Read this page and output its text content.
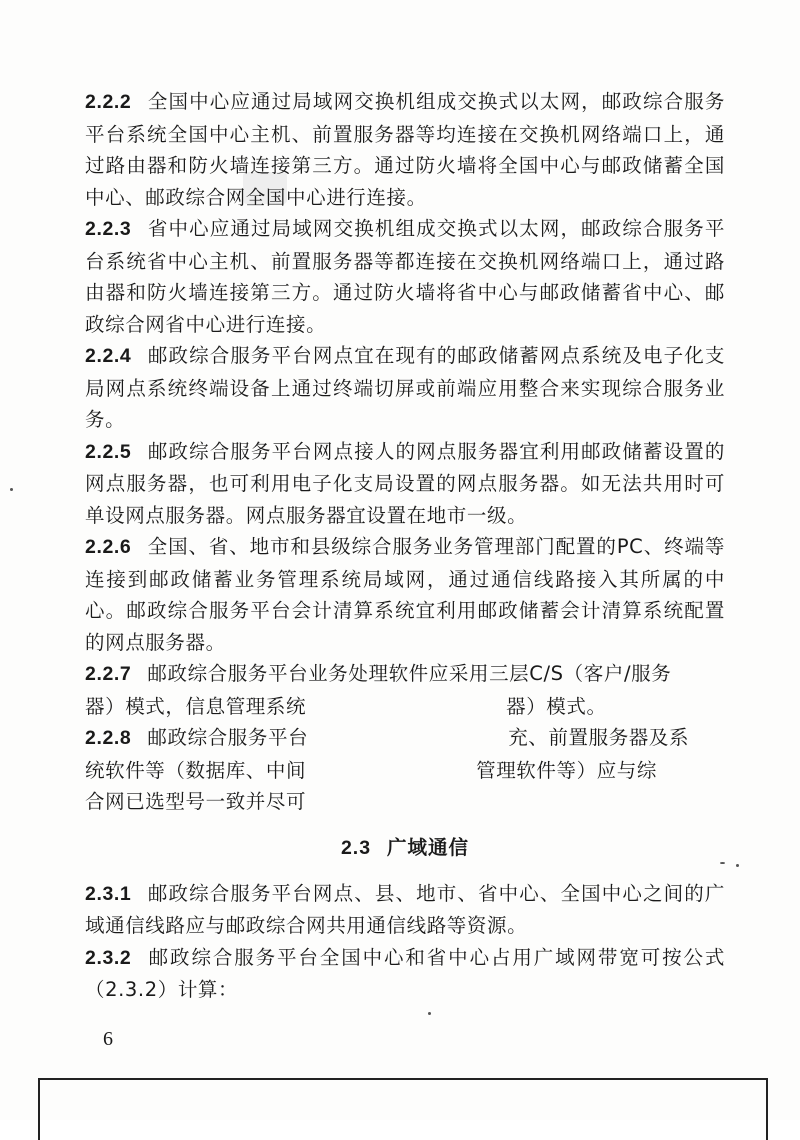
2.2.2 全国中心应通过局域网交换机组成交换式以太网，邮政综合服务平台系统全国中心主机、前置服务器等均连接在交换机网络端口上，通过路由器和防火墙连接第三方。通过防火墙将全国中心与邮政储蓄全国中心、邮政综合网全国中心进行连接。

2.2.3 省中心应通过局域网交换机组成交换式以太网，邮政综合服务平台系统省中心主机、前置服务器等都连接在交换机网络端口上，通过路由器和防火墙连接第三方。通过防火墙将省中心与邮政储蓄省中心、邮政综合网省中心进行连接。

2.2.4 邮政综合服务平台网点宜在现有的邮政储蓄网点系统及电子化支局网点系统终端设备上通过终端切屏或前端应用整合来实现综合服务业务。

2.2.5 邮政综合服务平台网点接人的网点服务器宜利用邮政储蓄设置的网点服务器，也可利用电子化支局设置的网点服务器。如无法共用时可单设网点服务器。网点服务器宜设置在地市一级。

2.2.6 全国、省、地市和县级综合服务业务管理部门配置的PC、终端等连接到邮政储蓄业务管理系统局域网，通过通信线路接入其所属的中心。邮政综合服务平台会计清算系统宜利用邮政储蓄会计清算系统配置的网点服务器。

2.2.7 邮政综合服务平台业务处理软件应采用三层C/S（客户/服务
器）模式，信息管理系统	器）模式。

2.2.8 邮政综合服务平台	充、前置服务器及系
统软件等（数据库、中间	管理软件等）应与综
合网已选型号一致并尽可

2.3 广域通信

2.3.1 邮政综合服务平台网点、县、地市、省中心、全国中心之间的广域通信线路应与邮政综合网共用通信线路等资源。

2.3.2 邮政综合服务平台全国中心和省中心占用广域网带宽可按公式（2.3.2）计算：

6
